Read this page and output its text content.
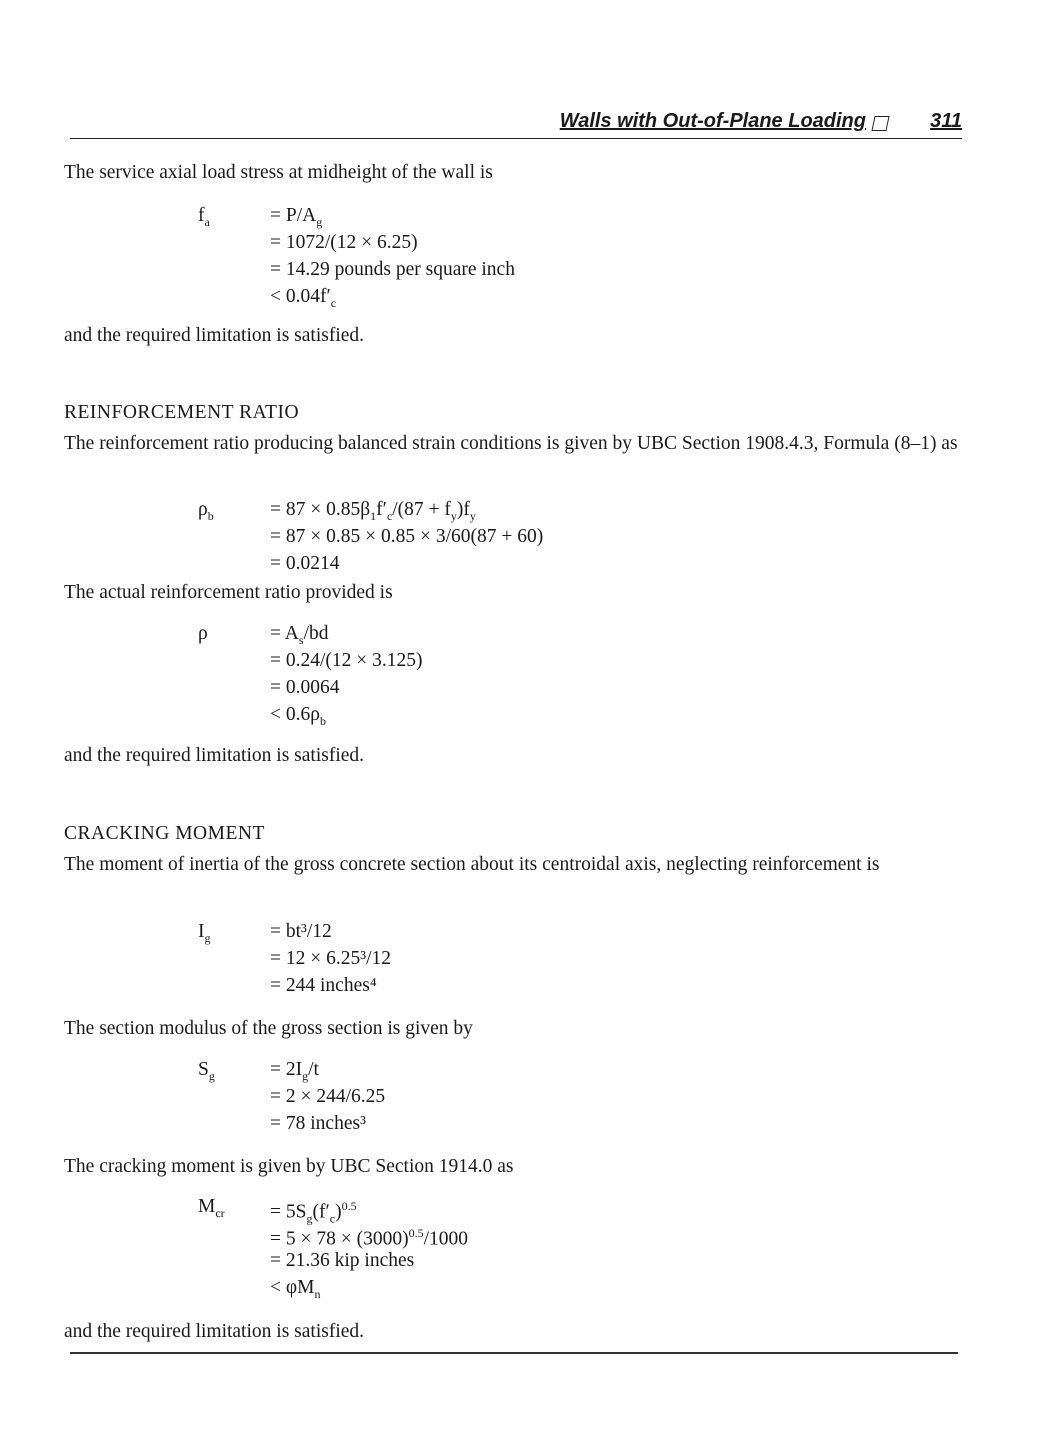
Walls with Out-of-Plane Loading	311

The service axial load stress at midheight of the wall is

$f_a$	= $P/A_g$
= 1072/(12 × 6.25)
= 14.29 pounds per square inch
< $0.04f'_c$

and the required limitation is satisfied.

REINFORCEMENT RATIO

The reinforcement ratio producing balanced strain conditions is given by UBC Section 1908.4.3, Formula (8–1) as

$\rho_b$	= $87 \times 0.85\beta_1f'_c/(87 + f_y)f_y$
= 87 × 0.85 × 0.85 × 3/60(87 + 60)
= 0.0214

The actual reinforcement ratio provided is

ρ	= $A_s/bd$
= 0.24/(12 × 3.125)
= 0.0064
< $0.6\rho_b$

and the required limitation is satisfied.

CRACKING MOMENT

The moment of inertia of the gross concrete section about its centroidal axis, neglecting reinforcement is

$I_g$	= bt³/12
= 12 × 6.25³/12
= 244 inches⁴

The section modulus of the gross section is given by

$S_g$	= $2I_g/t$
= 2 × 244/6.25
= 78 inches³

The cracking moment is given by UBC Section 1914.0 as

$M_{cr} = 5S_g(f'_c)^{0.5}$
= $5 \times 78 \times (3000)^{0.5}/1000$
= 21.36 kip inches
< $\varphi M_n$

and the required limitation is satisfied.
